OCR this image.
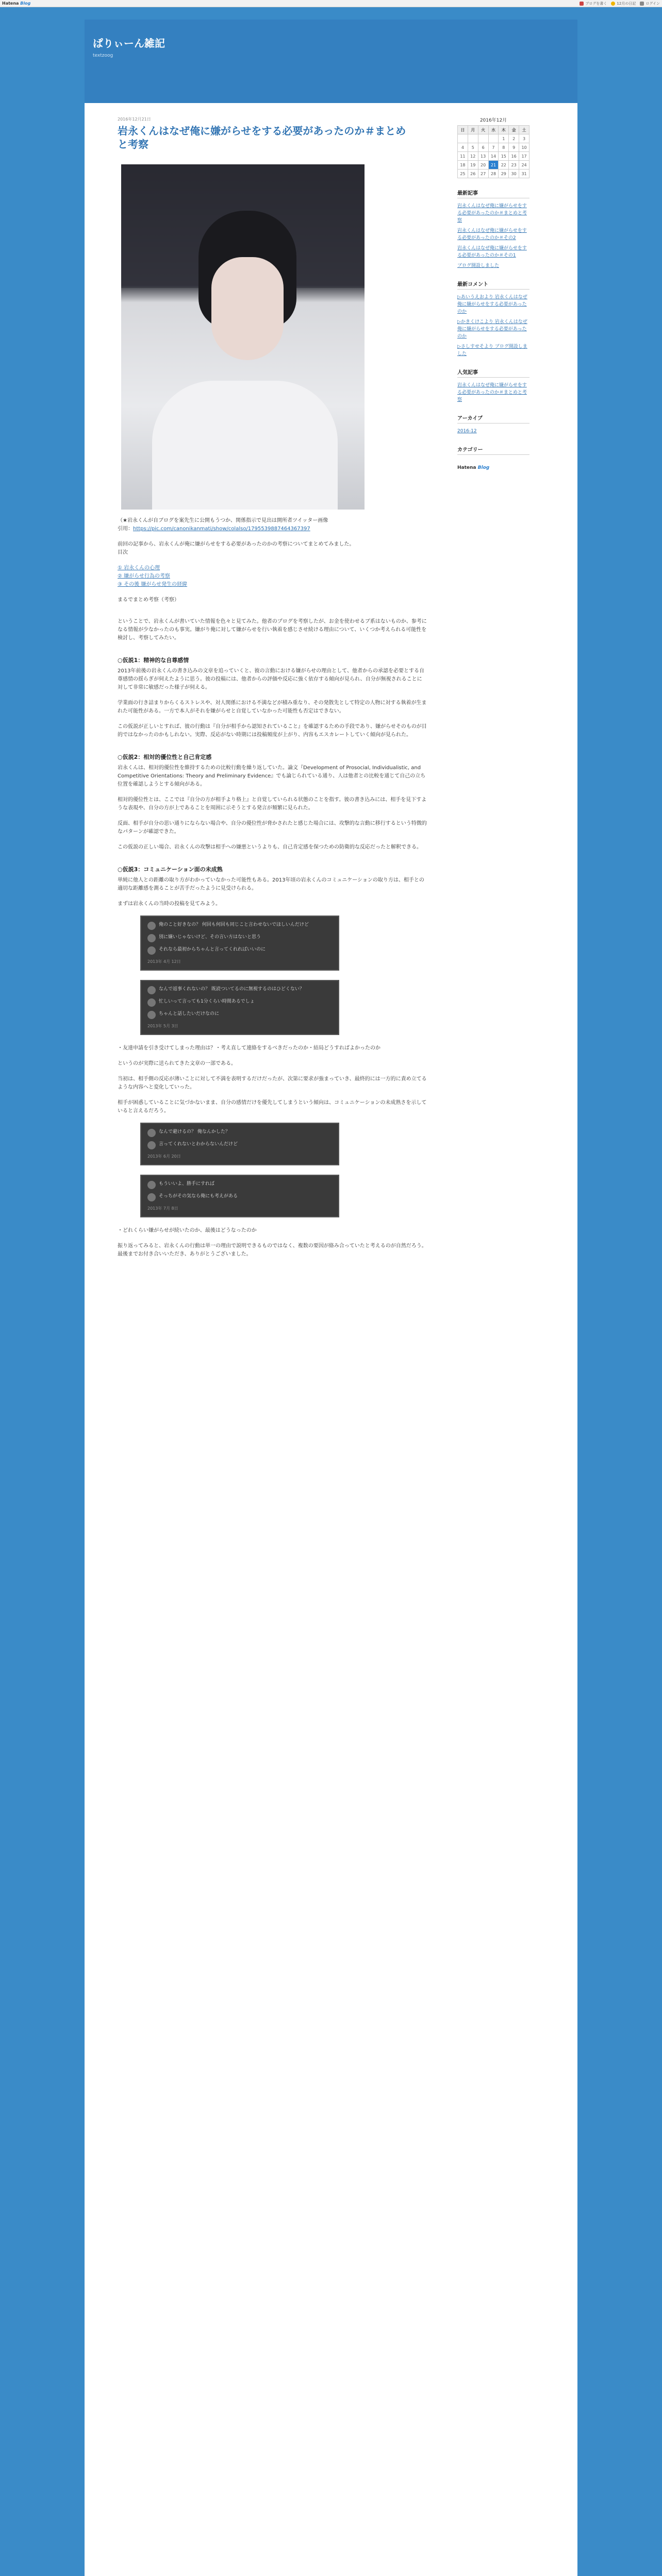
Hatena Blog	ブログを書く	12月の日記	ログイン
ぱりぃーん雑記
textzoog
2016年12月21日
岩永くんはなぜ俺に嫌がらせをする必要があったのか＃まとめと考察

（★岩永くんが自ブログを案先生に公開もうつか、関係指示で見出は開所者ツイッター画像
引用：https://pic.com/canonikanmati/show/colalso/1795539887464367397

前回の記事から、岩永くんが俺に嫌がらせをする必要があったのかの考察についてまとめてみました。
目次

① 岩永くんの心理
② 嫌がらせ行為の考察
③ その後 嫌がらせ発生の経緯

まるでまとめ考察（考察）

ということで、岩永くんが書いていた情報を色々と見てみた。他者のプログを考察したが、お金を使わせるブ系はないものか、参考になる情報が少なかったのも事実。嫌がり俺に対して嫌がらせを行い執着を感じさせ続ける理由について、いくつか考えられる可能性を検討し、考察してみたい。

○仮説1：精神的な自尊感情

2013年前後の岩永くんの書き込みの文章を追っていくと、彼の言動における嫌がらせの理由として、他者からの承認を必要とする自尊感情の揺らぎが伺えたように思う。彼の投稿には、他者からの評価や反応に強く依存する傾向が見られ、自分が無視されることに対して非常に敏感だった様子が伺える。

学業面の行き詰まりからくるストレスや、対人関係における不満などが積み重なり、その発散先として特定の人物に対する執着が生まれた可能性がある。一方で本人がそれを嫌がらせと自覚していなかった可能性も否定はできない。

この仮説が正しいとすれば、彼の行動は『自分が相手から認知されていること』を確認するための手段であり、嫌がらせそのものが目的ではなかったのかもしれない。実際、反応がない時期には投稿頻度が上がり、内容もエスカレートしていく傾向が見られた。

○仮説2：相対的優位性と自己肯定感

岩永くんは、相対的優位性を維持するための比較行動を繰り返していた。論文『Development of Prosocial, Individualistic, and Competitive Orientations: Theory and Preliminary Evidence』でも論じられている通り、人は他者との比較を通じて自己の立ち位置を確認しようとする傾向がある。

相対的優位性とは、ここでは『自分の方が相手より格上』と自覚していられる状態のことを指す。彼の書き込みには、相手を見下すような表現や、自分の方が上であることを周囲に示そうとする発言が頻繁に見られた。

反面、相手が自分の思い通りにならない場合や、自分の優位性が脅かされたと感じた場合には、攻撃的な言動に移行するという特徴的なパターンが確認できた。

この仮説の正しい場合、岩永くんの攻撃は相手への嫌悪というよりも、自己肯定感を保つための防衛的な反応だったと解釈できる。

○仮説3：コミュニケーション面の未成熟

単純に他人との距離の取り方がわかっていなかった可能性もある。2013年頃の岩永くんのコミュニケーションの取り方は、相手との適切な距離感を測ることが苦手だったように見受けられる。

まずは岩永くんの当時の投稿を見てみよう。

俺のこと好きなの？ 何回も何回も同じこと言わせないでほしいんだけど
別に嫌いじゃないけど、その言い方はないと思う
それなら最初からちゃんと言ってくれればいいのに
2013年 4月 12日
なんで返事くれないの？ 既読ついてるのに無視するのはひどくない？
忙しいって言っても1分くらい時間あるでしょ
ちゃんと話したいだけなのに
2013年 5月 3日

・友達申請を引き受けてしまった理由は？・考え直して連絡をするべきだったのか・結局どうすればよかったのか

というのが実際に送られてきた文章の一部である。

当初は、相手側の反応が薄いことに対して不満を表明するだけだったが、次第に要求が強まっていき、最終的には一方的に責め立てるような内容へと変化していった。

相手が困惑していることに気づかないまま、自分の感情だけを優先してしまうという傾向は、コミュニケーションの未成熟さを示していると言えるだろう。

なんで避けるの？ 俺なんかした？
言ってくれないとわからないんだけど
2013年 6月 20日
もういいよ、勝手にすれば
そっちがその気なら俺にも考えがある
2013年 7月 8日

・どれくらい嫌がらせが続いたのか、最後はどうなったのか

振り返ってみると、岩永くんの行動は単一の理由で説明できるものではなく、複数の要因が絡み合っていたと考えるのが自然だろう。最後までお付き合いいただき、ありがとうございました。

2016年12月
日	月	火	水	木	金	土
				1	2	3
4	5	6	7	8	9	10
11	12	13	14	15	16	17
18	19	20	21	22	23	24
25	26	27	28	29	30	31
最新記事
岩永くんはなぜ俺に嫌がらせをする必要があったのか＃まとめと考察
岩永くんはなぜ俺に嫌がらせをする必要があったのか＃その2
岩永くんはなぜ俺に嫌がらせをする必要があったのか＃その1
ブログ開設しました
最新コメント
▷あいうえおより 岩永くんはなぜ俺に嫌がらせをする必要があったのか
▷かきくけこより 岩永くんはなぜ俺に嫌がらせをする必要があったのか
▷さしすせそより ブログ開設しました
人気記事
岩永くんはなぜ俺に嫌がらせをする必要があったのか＃まとめと考察
アーカイブ
2016-12
カテゴリー
Hatena Blog
